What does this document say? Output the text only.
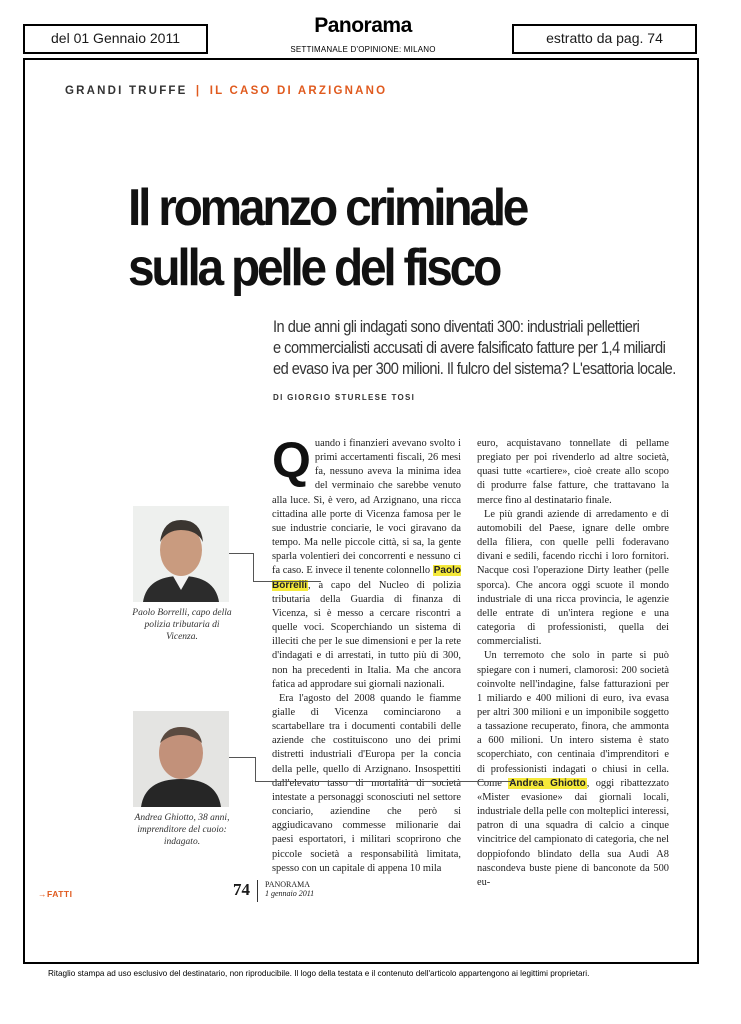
del 01 Gennaio 2011
Panorama
SETTIMANALE D'OPINIONE: MILANO
estratto da pag. 74
GRANDI TRUFFE | IL CASO DI ARZIGNANO
Il romanzo criminale
sulla pelle del fisco
In due anni gli indagati sono diventati 300: industriali pellettieri
e commercialisti accusati di avere falsificato fatture per 1,4 miliardi
ed evaso iva per 300 milioni. Il fulcro del sistema? L'esattoria locale.
DI GIORGIO STURLESE TOSI

Quando i finanzieri avevano svolto i primi accertamenti fiscali, 26 mesi fa, nessuno aveva la minima idea del verminaio che sarebbe venuto alla luce. Sì, è vero, ad Arzignano, una ricca cittadina alle porte di Vicenza famosa per le sue industrie conciarie, le voci giravano da tempo. Ma nelle piccole città, si sa, la gente sparla volentieri dei concorrenti e nessuno ci fa caso. E invece il tenente colonnello Paolo Borrelli, a capo del Nucleo di polizia tributaria della Guardia di finanza di Vicenza, si è messo a cercare riscontri a quelle voci. Scoperchiando un sistema di illeciti che per le sue dimensioni e per la rete d'indagati e di arrestati, in tutto più di 300, non ha precedenti in Italia. Ma che ancora fatica ad approdare sui giornali nazionali.

Era l'agosto del 2008 quando le fiamme gialle di Vicenza cominciarono a scartabellare tra i documenti contabili delle aziende che costituiscono uno dei primi distretti industriali d'Europa per la concia della pelle, quello di Arzignano. Insospettiti dall'elevato tasso di mortalità di società intestate a personaggi sconosciuti nel settore conciario, aziendine che però si aggiudicavano commesse milionarie dai paesi esportatori, i militari scoprirono che piccole società a responsabilità limitata, spesso con un capitale di appena 10 mila

euro, acquistavano tonnellate di pellame pregiato per poi rivenderlo ad altre società, quasi tutte «cartiere», cioè create allo scopo di produrre false fatture, che trattavano la merce fino al destinatario finale.

Le più grandi aziende di arredamento e di automobili del Paese, ignare delle ombre della filiera, con quelle pelli foderavano divani e sedili, facendo ricchi i loro fornitori. Nacque così l'operazione Dirty leather (pelle sporca). Che ancora oggi scuote il mondo industriale di una ricca provincia, le agenzie delle entrate di un'intera regione e una categoria di professionisti, quella dei commercialisti.

Un terremoto che solo in parte si può spiegare con i numeri, clamorosi: 200 società coinvolte nell'indagine, false fatturazioni per 1 miliardo e 400 milioni di euro, iva evasa per altri 300 milioni e un imponibile soggetto a tassazione recuperato, finora, che ammonta a 600 milioni. Un intero sistema è stato scoperchiato, con centinaia d'imprenditori e di professionisti indagati o chiusi in cella. Come Andrea Ghiotto, oggi ribattezzato «Mister evasione» dai giornali locali, industriale della pelle con molteplici interessi, patron di una squadra di calcio a cinque vincitrice del campionato di categoria, che nel doppiofondo blindato della sua Audi A8 nascondeva buste piene di banconote da 500 eu-

Paolo Borrelli, capo della polizia tributaria di Vicenza.
Andrea Ghiotto, 38 anni, imprenditore del cuoio: indagato.
→FATTI	74 PANORAMA
1 gennaio 2011
Ritaglio stampa ad uso esclusivo del destinatario, non riproducibile. Il logo della testata e il contenuto dell'articolo appartengono ai legittimi proprietari.
